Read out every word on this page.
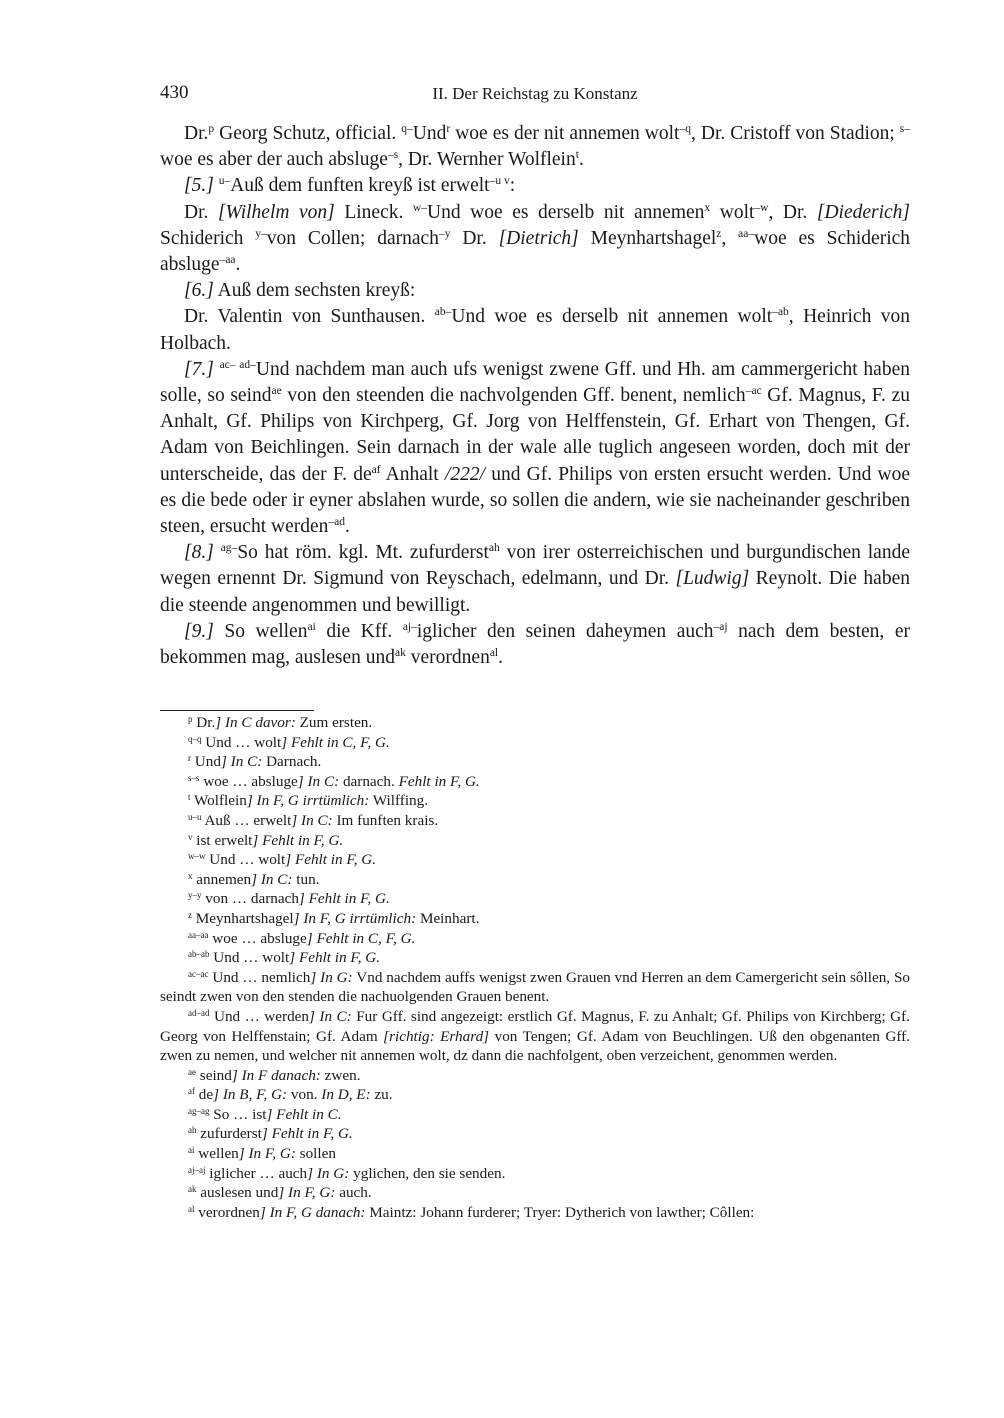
430	II. Der Reichstag zu Konstanz

Dr.$^p$ Georg Schutz, official. $^{q-}$Und$^r$ woe es der nit annemen wolt$^{-q}$, Dr. Cristoff von Stadion; $^{s-}$woe es aber der auch absluge$^{-s}$, Dr. Wernher Wolflein$^t$.

[5.] $^{u-}$Auß dem funften kreyß ist erwelt$^{-u v}$:

Dr. [Wilhelm von] Lineck. $^{w-}$Und woe es derselb nit annemen$^x$ wolt$^{-w}$, Dr. [Diederich] Schiderich $^{y-}$von Collen; darnach$^{-y}$ Dr. [Dietrich] Meynhartshagel$^z$, $^{aa-}$woe es Schiderich absluge$^{-aa}$.

[6.] Auß dem sechsten kreyß:

Dr. Valentin von Sunthausen. $^{ab-}$Und woe es derselb nit annemen wolt$^{-ab}$, Heinrich von Holbach.

[7.] $^{ac- ad-}$Und nachdem man auch ufs wenigst zwene Gff. und Hh. am cammergericht haben solle, so seind$^{ae}$ von den steenden die nachvolgenden Gff. benent, nemlich$^{-ac}$ Gf. Magnus, F. zu Anhalt, Gf. Philips von Kirchperg, Gf. Jorg von Helffenstein, Gf. Erhart von Thengen, Gf. Adam von Beichlingen. Sein darnach in der wale alle tuglich angeseen worden, doch mit der unterscheide, das der F. $de^{af}$ Anhalt /222/ und Gf. Philips von ersten ersucht werden. Und woe es die bede oder ir eyner abslahen wurde, so sollen die andern, wie sie nacheinander geschriben steen, ersucht werden$^{-ad}$.

[8.] $^{ag-}$So hat röm. kgl. Mt. zufurderst$^{ah}$ von irer osterreichischen und burgundischen lande wegen ernennt Dr. Sigmund von Reyschach, edelmann, und Dr. [Ludwig] Reynolt. Die haben die steende angenommen und bewilligt.

[9.] So wellen$^{ai}$ die Kff. $^{aj-}$iglicher den seinen daheymen auch$^{-aj}$ nach dem besten, er bekommen mag, auslesen und$^{ak}$ verordnen$^{al}$.

$^p$ Dr.] In C davor: Zum ersten.

$^{q-q}$ Und … wolt] Fehlt in C, F, G.

$^r$ Und] In C: Darnach.

$^{s-s}$ woe … absluge] In C: darnach. Fehlt in F, G.

$^t$ Wolflein] In F, G irrtümlich: Wilffing.

$^{u-u}$ Auß … erwelt] In C: Im funften krais.

$^v$ ist erwelt] Fehlt in F, G.

$^{w-w}$ Und … wolt] Fehlt in F, G.

$^x$ annemen] In C: tun.

$^{y-y}$ von … darnach] Fehlt in F, G.

$^z$ Meynhartshagel] In F, G irrtümlich: Meinhart.

$^{aa-aa}$ woe … absluge] Fehlt in C, F, G.

$^{ab-ab}$ Und … wolt] Fehlt in F, G.

$^{ac-ac}$ Und … nemlich] In G: Vnd nachdem auffs wenigst zwen Grauen vnd Herren an dem Camergericht sein sôllen, So seindt zwen von den stenden die nachuolgenden Grauen benent.

$^{ad-ad}$ Und … werden] In C: Fur Gff. sind angezeigt: erstlich Gf. Magnus, F. zu Anhalt; Gf. Philips von Kirchberg; Gf. Georg von Helffenstain; Gf. Adam [richtig: Erhard] von Tengen; Gf. Adam von Beuchlingen. Uß den obgenanten Gff. zwen zu nemen, und welcher nit annemen wolt, dz dann die nachfolgent, oben verzeichent, genommen werden.

$^{ae}$ seind] In F danach: zwen.

$^{af}$ de] In B, F, G: von. In D, E: zu.

$^{ag-ag}$ So … ist] Fehlt in C.

$^{ah}$ zufurderst] Fehlt in F, G.

$^{ai}$ wellen] In F, G: sollen

$^{aj-aj}$ iglicher … auch] In G: yglichen, den sie senden.

$^{ak}$ auslesen und] In F, G: auch.

$^{al}$ verordnen] In F, G danach: Maintz: Johann furderer; Tryer: Dytherich von lawther; Côllen:
